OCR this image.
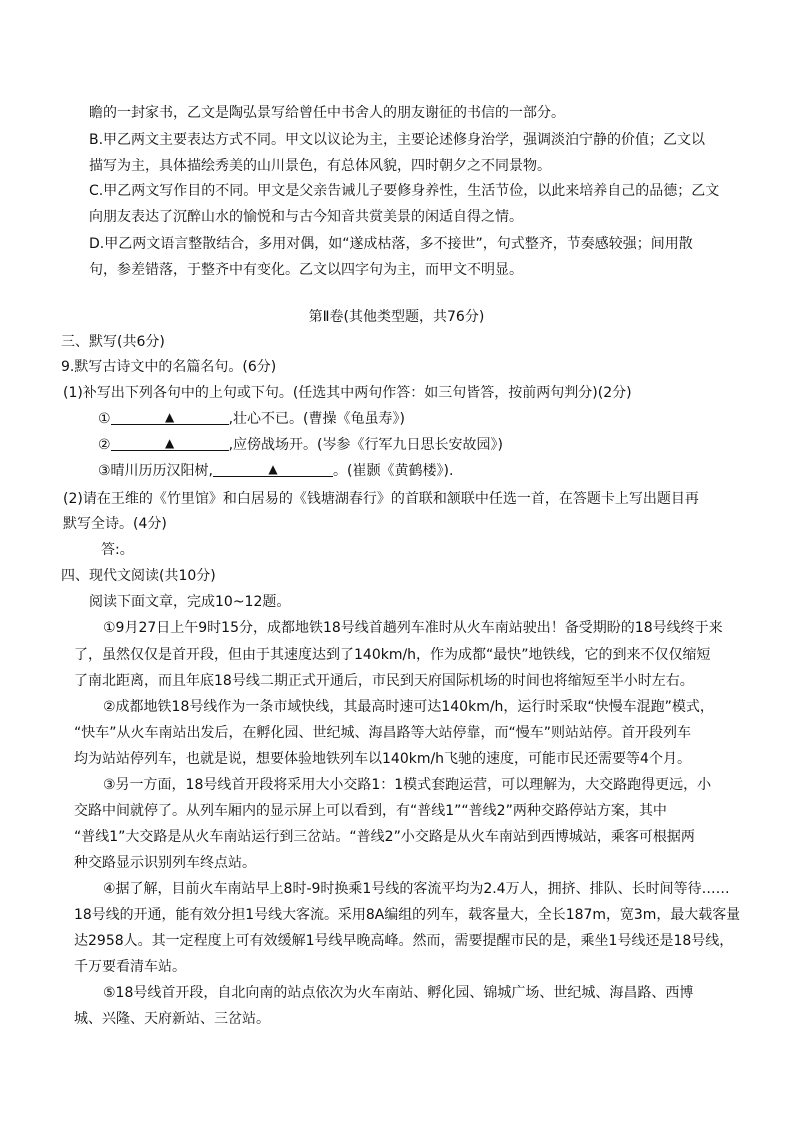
瞻的一封家书，乙文是陶弘景写给曾任中书舍人的朋友谢征的书信的一部分。
B.甲乙两文主要表达方式不同。甲文以议论为主，主要论述修身治学，强调淡泊宁静的价值；乙文以
描写为主，具体描绘秀美的山川景色，有总体风貌，四时朝夕之不同景物。
C.甲乙两文写作目的不同。甲文是父亲告诫儿子要修身养性，生活节俭，以此来培养自己的品德；乙文
向朋友表达了沉醉山水的愉悦和与古今知音共赏美景的闲适自得之情。
D.甲乙两文语言整散结合，多用对偶，如“遂成枯落，多不接世”，句式整齐，节奏感较强；间用散
句，参差错落，于整齐中有变化。乙文以四字句为主，而甲文不明显。
第Ⅱ卷(其他类型题，共76分)
三、默写(共6分)
9.默写古诗文中的名篇名句。(6分)
(1)补写出下列各句中的上句或下句。(任选其中两句作答：如三句皆答，按前两句判分)(2分)
①	▲	,壮心不已。(曹操《龟虽寿》)
②	▲	,应傍战场开。(岑参《行军九日思长安故园》)
③晴川历历汉阳树,	▲	。(崔颢《黄鹤楼》).
(2)请在王维的《竹里馆》和白居易的《钱塘湖春行》的首联和颔联中任选一首，在答题卡上写出题目再
默写全诗。(4分)
答:。
四、现代文阅读(共10分)
阅读下面文章，完成10~12题。
①9月27日上午9时15分，成都地铁18号线首趟列车准时从火车南站驶出！备受期盼的18号线终于来
了，虽然仅仅是首开段，但由于其速度达到了140km/h，作为成都“最快”地铁线，它的到来不仅仅缩短
了南北距离，而且年底18号线二期正式开通后，市民到天府国际机场的时间也将缩短至半小时左右。
②成都地铁18号线作为一条市域快线，其最高时速可达140km/h，运行时采取“快慢车混跑”模式，
“快车”从火车南站出发后，在孵化园、世纪城、海昌路等大站停靠，而“慢车”则站站停。首开段列车
均为站站停列车，也就是说，想要体验地铁列车以140km/h飞驰的速度，可能市民还需要等4个月。
③另一方面，18号线首开段将采用大小交路1：1模式套跑运营，可以理解为，大交路跑得更远，小
交路中间就停了。从列车厢内的显示屏上可以看到，有“普线1”“普线2”两种交路停站方案，其中
“普线1”大交路是从火车南站运行到三岔站。“普线2”小交路是从火车南站到西博城站，乘客可根据两
种交路显示识别列车终点站。
④据了解，目前火车南站早上8时-9时换乘1号线的客流平均为2.4万人，拥挤、排队、长时间等待……
18号线的开通，能有效分担1号线大客流。采用8A编组的列车，载客量大，全长187m，宽3m，最大载客量
达2958人。其一定程度上可有效缓解1号线早晚高峰。然而，需要提醒市民的是，乘坐1号线还是18号线，
千万要看清车站。
⑤18号线首开段，自北向南的站点依次为火车南站、孵化园、锦城广场、世纪城、海昌路、西博
城、兴隆、天府新站、三岔站。
